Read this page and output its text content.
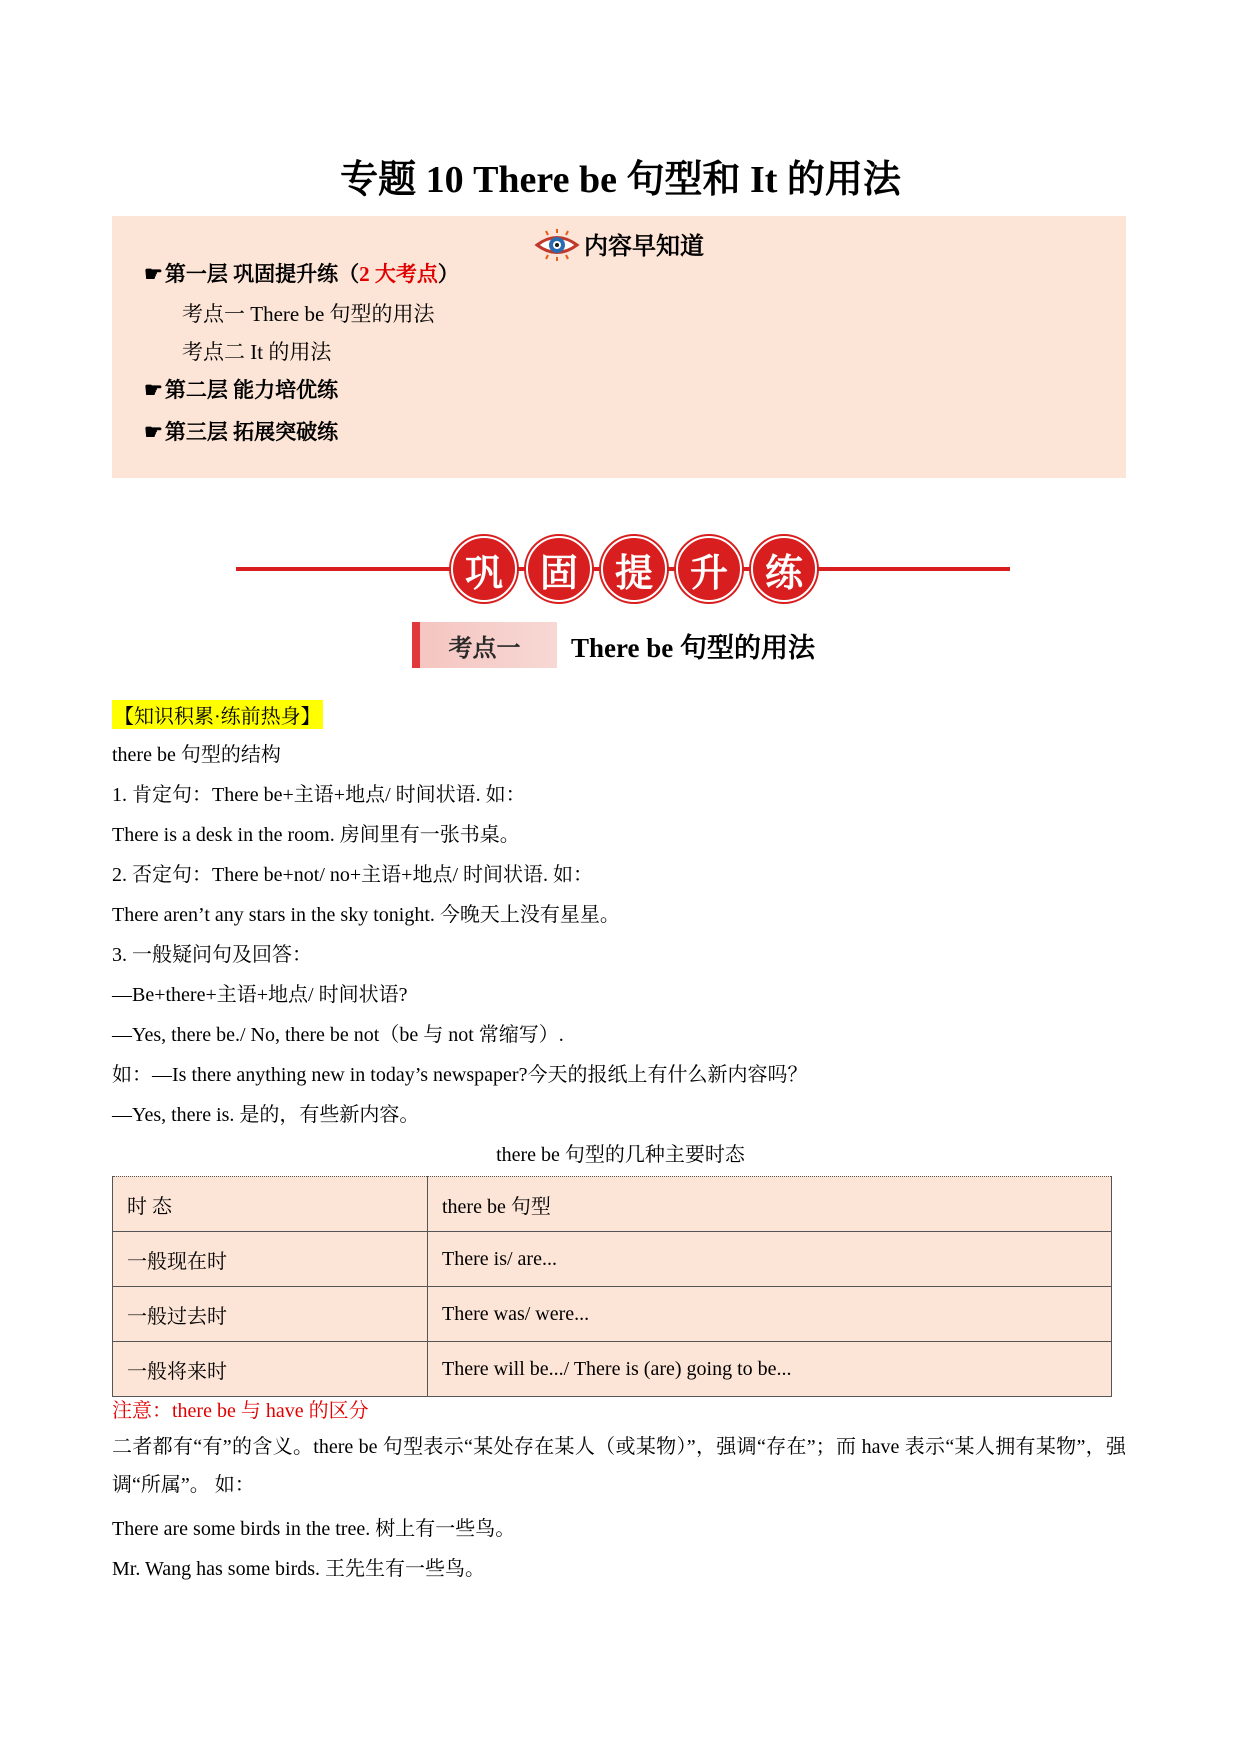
专题 10 There be 句型和 It 的用法
内容早知道
☛第一层 巩固提升练（2 大考点）
考点一 There be 句型的用法
考点二 It 的用法
☛第二层 能力培优练
☛第三层 拓展突破练
巩 固 提 升 练
考点一	There be 句型的用法
【知识积累·练前热身】
there be 句型的结构
1. 肯定句：There be+主语+地点/ 时间状语. 如：
There is a desk in the room. 房间里有一张书桌。
2. 否定句：There be+not/ no+主语+地点/ 时间状语. 如：
There aren’t any stars in the sky tonight. 今晚天上没有星星。
3. 一般疑问句及回答：
—Be+there+主语+地点/ 时间状语?
—Yes, there be./ No, there be not（be 与 not 常缩写）.
如：—Is there anything new in today’s newspaper?今天的报纸上有什么新内容吗？
—Yes, there is. 是的，有些新内容。
there be 句型的几种主要时态
时 态	there be 句型
一般现在时	There is/ are...
一般过去时	There was/ were...
一般将来时	There will be.../ There is (are) going to be...
注意：there be 与 have 的区分
二者都有“有”的含义。there be 句型表示“某处存在某人（或某物）”，强调“存在”；而 have 表示“某人拥有某物”，强调“所属”。 如：
There are some birds in the tree. 树上有一些鸟。
Mr. Wang has some birds. 王先生有一些鸟。
